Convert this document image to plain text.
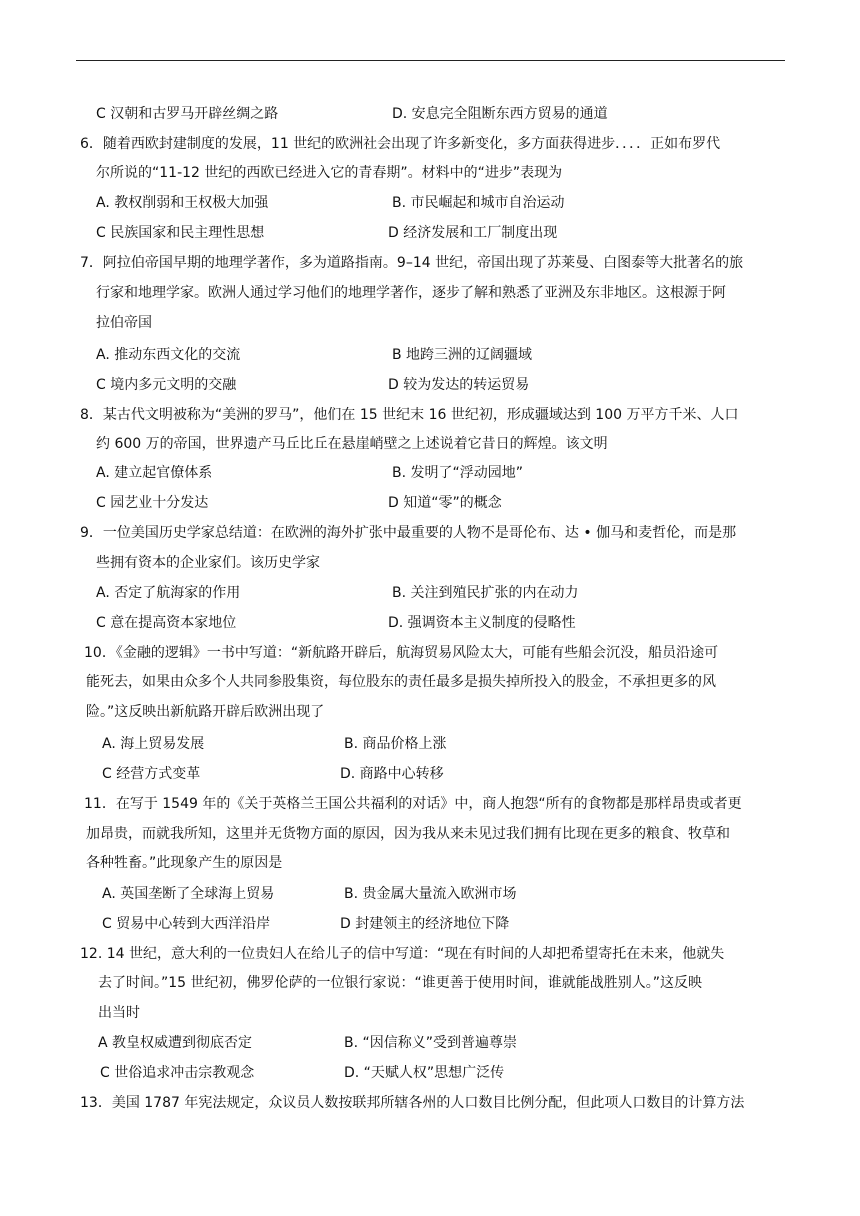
C 汉朝和古罗马开辟丝绸之路	D. 安息完全阻断东西方贸易的通道
6．随着西欧封建制度的发展，11 世纪的欧洲社会出现了许多新变化，多方面获得进步．．．．正如布罗代
尔所说的“11-12 世纪的西欧已经进入它的青春期”。材料中的“进步”表现为
A. 教权削弱和王权极大加强	B. 市民崛起和城市自治运动
C 民族国家和民主理性思想	D 经济发展和工厂制度出现
7．阿拉伯帝国早期的地理学著作，多为道路指南。9–14 世纪，帝国出现了苏莱曼、白图泰等大批著名的旅
行家和地理学家。欧洲人通过学习他们的地理学著作，逐步了解和熟悉了亚洲及东非地区。这根源于阿
拉伯帝国
A. 推动东西文化的交流	B 地跨三洲的辽阔疆域
C 境内多元文明的交融	D 较为发达的转运贸易
8．某古代文明被称为“美洲的罗马”，他们在 15 世纪末 16 世纪初，形成疆域达到 100 万平方千米、人口
约 600 万的帝国，世界遗产马丘比丘在悬崖峭壁之上述说着它昔日的辉煌。该文明
A. 建立起官僚体系	B. 发明了“浮动园地”
C 园艺业十分发达	D 知道“零”的概念
9．一位美国历史学家总结道：在欧洲的海外扩张中最重要的人物不是哥伦布、达 • 伽马和麦哲伦，而是那
些拥有资本的企业家们。该历史学家
A. 否定了航海家的作用	B. 关注到殖民扩张的内在动力
C 意在提高资本家地位	D. 强调资本主义制度的侵略性
10．《金融的逻辑》一书中写道：“新航路开辟后，航海贸易风险太大，可能有些船会沉没，船员沿途可
能死去，如果由众多个人共同参股集资，每位股东的责任最多是损失掉所投入的股金，不承担更多的风
险。”这反映出新航路开辟后欧洲出现了
A. 海上贸易发展	B. 商品价格上涨
C 经营方式变革	D. 商路中心转移
11．在写于 1549 年的《关于英格兰王国公共福利的对话》中，商人抱怨“所有的食物都是那样昂贵或者更
加昂贵，而就我所知，这里并无货物方面的原因，因为我从来未见过我们拥有比现在更多的粮食、牧草和
各种牲畜。”此现象产生的原因是
A. 英国垄断了全球海上贸易	B. 贵金属大量流入欧洲市场
C 贸易中心转到大西洋沿岸	D 封建领主的经济地位下降
12. 14 世纪，意大利的一位贵妇人在给儿子的信中写道：“现在有时间的人却把希望寄托在未来，他就失
去了时间。”15 世纪初，佛罗伦萨的一位银行家说：“谁更善于使用时间，谁就能战胜别人。”这反映
出当时
A 教皇权威遭到彻底否定	B. “因信称义”受到普遍尊崇
C 世俗追求冲击宗教观念	D. “天赋人权”思想广泛传
13．美国 1787 年宪法规定，众议员人数按联邦所辖各州的人口数目比例分配，但此项人口数目的计算方法
